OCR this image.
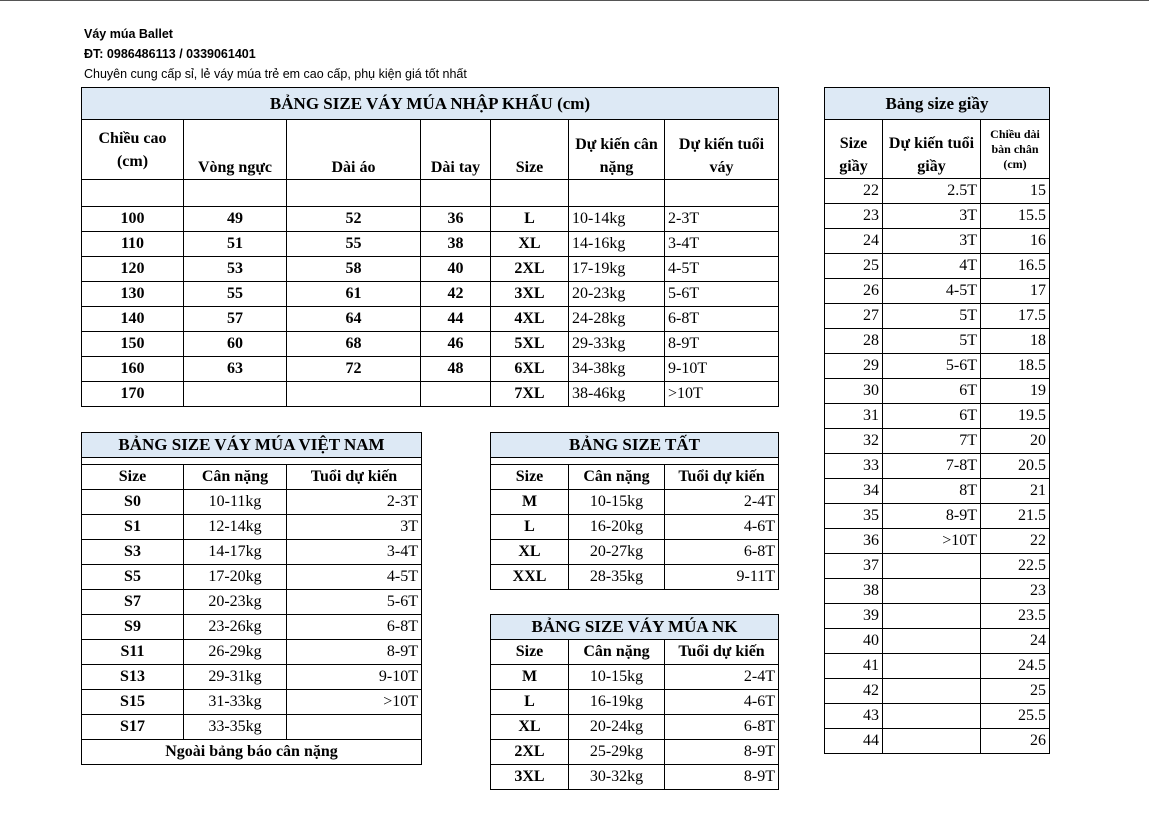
Váy múa Ballet
ĐT: 0986486113 / 0339061401
Chuyên cung cấp sỉ, lẻ váy múa trẻ em cao cấp, phụ kiện giá tốt nhất
BẢNG SIZE VÁY MÚA NHẬP KHẨU (cm)						
Chiều cao (cm)	Vòng ngực	Dài áo	Dài tay	Size	Dự kiến cân nặng	Dự kiến tuổi váy

100	49	52	36	L	10-14kg	2-3T
110	51	55	38	XL	14-16kg	3-4T
120	53	58	40	2XL	17-19kg	4-5T
130	55	61	42	3XL	20-23kg	5-6T
140	57	64	44	4XL	24-28kg	6-8T
150	60	68	46	5XL	29-33kg	8-9T
160	63	72	48	6XL	34-38kg	9-10T
170				7XL	38-46kg	>10T
BẢNG SIZE VÁY MÚA VIỆT NAM		

Size	Cân nặng	Tuổi dự kiến
S0	10-11kg	2-3T
S1	12-14kg	3T
S3	14-17kg	3-4T
S5	17-20kg	4-5T
S7	20-23kg	5-6T
S9	23-26kg	6-8T
S11	26-29kg	8-9T
S13	29-31kg	9-10T
S15	31-33kg	>10T
S17	33-35kg	
Ngoài bảng báo cân nặng		
BẢNG SIZE TẤT		

Size	Cân nặng	Tuổi dự kiến
M	10-15kg	2-4T
L	16-20kg	4-6T
XL	20-27kg	6-8T
XXL	28-35kg	9-11T
BẢNG SIZE VÁY MÚA NK		
Size	Cân nặng	Tuổi dự kiến
M	10-15kg	2-4T
L	16-19kg	4-6T
XL	20-24kg	6-8T
2XL	25-29kg	8-9T
3XL	30-32kg	8-9T
Bảng size giầy		
Size giầy	Dự kiến tuổi giầy	Chiều dài bàn chân (cm)
22	2.5T	15
23	3T	15.5
24	3T	16
25	4T	16.5
26	4-5T	17
27	5T	17.5
28	5T	18
29	5-6T	18.5
30	6T	19
31	6T	19.5
32	7T	20
33	7-8T	20.5
34	8T	21
35	8-9T	21.5
36	>10T	22
37		22.5
38		23
39		23.5
40		24
41		24.5
42		25
43		25.5
44		26
